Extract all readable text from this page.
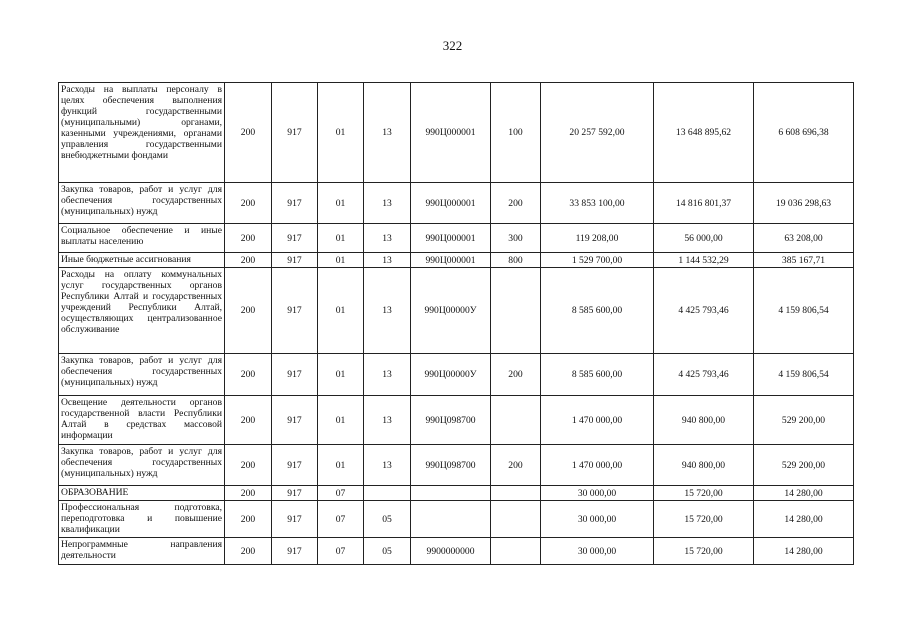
322
Расходы на выплаты персоналу в целях обеспечения выполнения функций государственными (муниципальными) органами, казенными учреждениями, органами управления государственными внебюджетными фондами	200	917	01	13	990Ц000001	100	20 257 592,00	13 648 895,62	6 608 696,38
Закупка товаров, работ и услуг для обеспечения государственных (муниципальных) нужд	200	917	01	13	990Ц000001	200	33 853 100,00	14 816 801,37	19 036 298,63
Социальное обеспечение и иные выплаты населению	200	917	01	13	990Ц000001	300	119 208,00	56 000,00	63 208,00
Иные бюджетные ассигнования	200	917	01	13	990Ц000001	800	1 529 700,00	1 144 532,29	385 167,71
Расходы на оплату коммунальных услуг государственных органов Республики Алтай и государственных учреждений Республики Алтай, осуществляющих централизованное обслуживание	200	917	01	13	990Ц00000У		8 585 600,00	4 425 793,46	4 159 806,54
Закупка товаров, работ и услуг для обеспечения государственных (муниципальных) нужд	200	917	01	13	990Ц00000У	200	8 585 600,00	4 425 793,46	4 159 806,54
Освещение деятельности органов государственной власти Республики Алтай в средствах массовой информации	200	917	01	13	990Ц098700		1 470 000,00	940 800,00	529 200,00
Закупка товаров, работ и услуг для обеспечения государственных (муниципальных) нужд	200	917	01	13	990Ц098700	200	1 470 000,00	940 800,00	529 200,00
ОБРАЗОВАНИЕ	200	917	07				30 000,00	15 720,00	14 280,00
Профессиональная подготовка, переподготовка и повышение квалификации	200	917	07	05			30 000,00	15 720,00	14 280,00
Непрограммные направления деятельности	200	917	07	05	9900000000		30 000,00	15 720,00	14 280,00
